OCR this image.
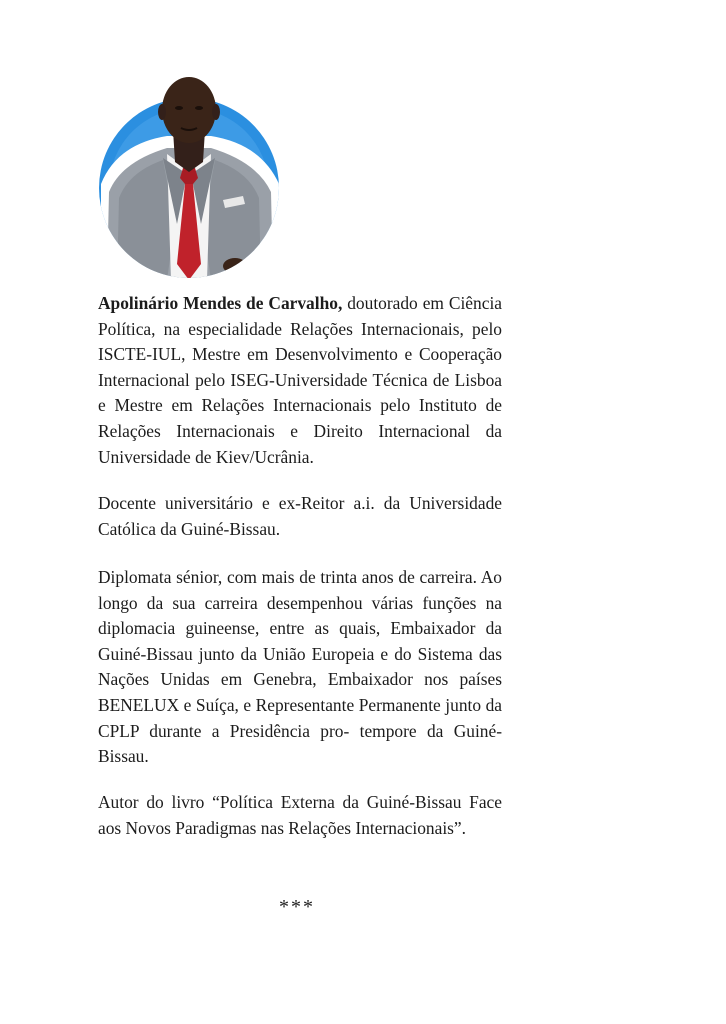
Apolinário Mendes de Carvalho, doutorado em Ciência Política, na especialidade Relações Internacionais, pelo ISCTE-IUL, Mestre em Desenvolvimento e Cooperação Internacional pelo ISEG-Universidade Técnica de Lisboa e Mestre em Relações Internacionais pelo Instituto de Relações Internacionais e Direito Internacional da Universidade de Kiev/Ucrânia.

Docente universitário e ex-Reitor a.i. da Universidade Católica da Guiné-Bissau.

Diplomata sénior, com mais de trinta anos de carreira. Ao longo da sua carreira desempenhou várias funções na diplomacia guineense, entre as quais, Embaixador da Guiné-Bissau junto da União Europeia e do Sistema das Nações Unidas em Genebra, Embaixador nos países BENELUX e Suíça, e Representante Permanente junto da CPLP durante a Presidência pro- tempore da Guiné-Bissau.

Autor do livro “Política Externa da Guiné-Bissau Face aos Novos Paradigmas nas Relações Internacionais”.

***
